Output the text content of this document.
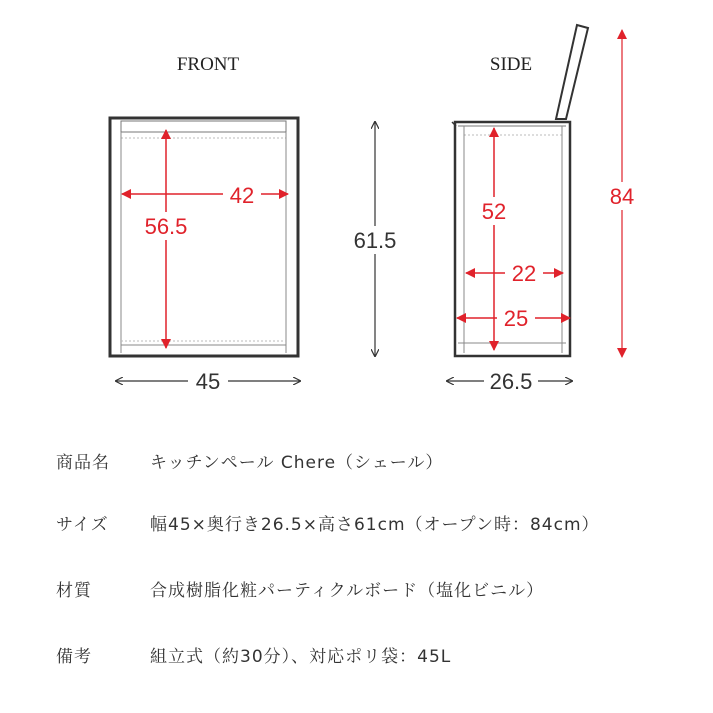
FRONT	SIDE
42
56.5
61.5
45
52
22
25
84
26.5
商品名 キッチンペール Chere（シェール）
サイズ 幅45×奥行き26.5×高さ61cm（オープン時：84cm）
材質	合成樹脂化粧パーティクルボード（塩化ビニル）
備考	組立式（約30分）、対応ポリ袋：45L
